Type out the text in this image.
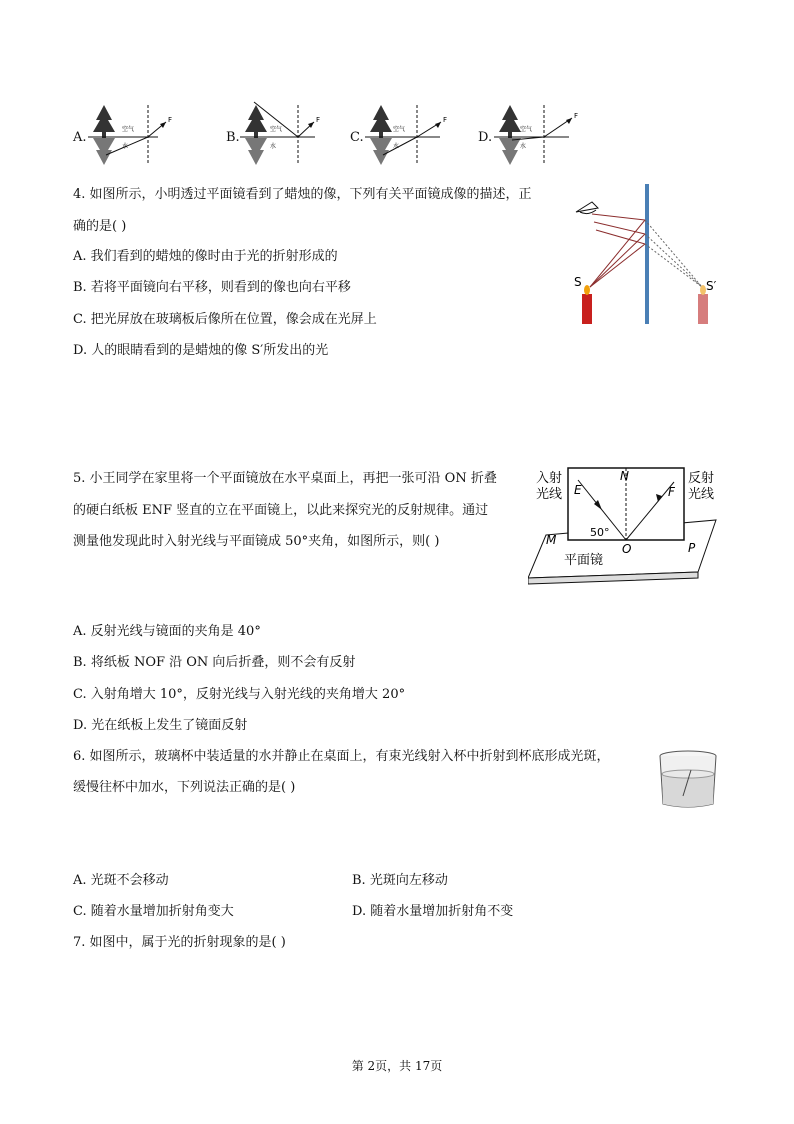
A.	B.	C.	D.
空气
水
F
空气
水
F
空气
水
F
空气
水
F
4. 如图所示，小明透过平面镜看到了蜡烛的像，下列有关平面镜成像的描述，正
确的是( )
A. 我们看到的蜡烛的像时由于光的折射形成的
B. 若将平面镜向右平移，则看到的像也向右平移
C. 把光屏放在玻璃板后像所在位置，像会成在光屏上
D. 人的眼睛看到的是蜡烛的像 S′所发出的光
S	S′
5. 小王同学在家里将一个平面镜放在水平桌面上，再把一张可沿 ON 折叠
的硬白纸板 ENF 竖直的立在平面镜上，以此来探究光的反射规律。通过
测量他发现此时入射光线与平面镜成 50°夹角，如图所示，则( )
入射
光线
反射
光线
E
N
F
M
O	P
50°
平面镜
A. 反射光线与镜面的夹角是 40°
B. 将纸板 NOF 沿 ON 向后折叠，则不会有反射
C. 入射角增大 10°，反射光线与入射光线的夹角增大 20°
D. 光在纸板上发生了镜面反射
6. 如图所示，玻璃杯中装适量的水并静止在桌面上，有束光线射入杯中折射到杯底形成光斑，
缓慢往杯中加水，下列说法正确的是( )
A. 光斑不会移动	B. 光斑向左移动
C. 随着水量增加折射角变大	D. 随着水量增加折射角不变
7. 如图中，属于光的折射现象的是( )
第 2页，共 17页
